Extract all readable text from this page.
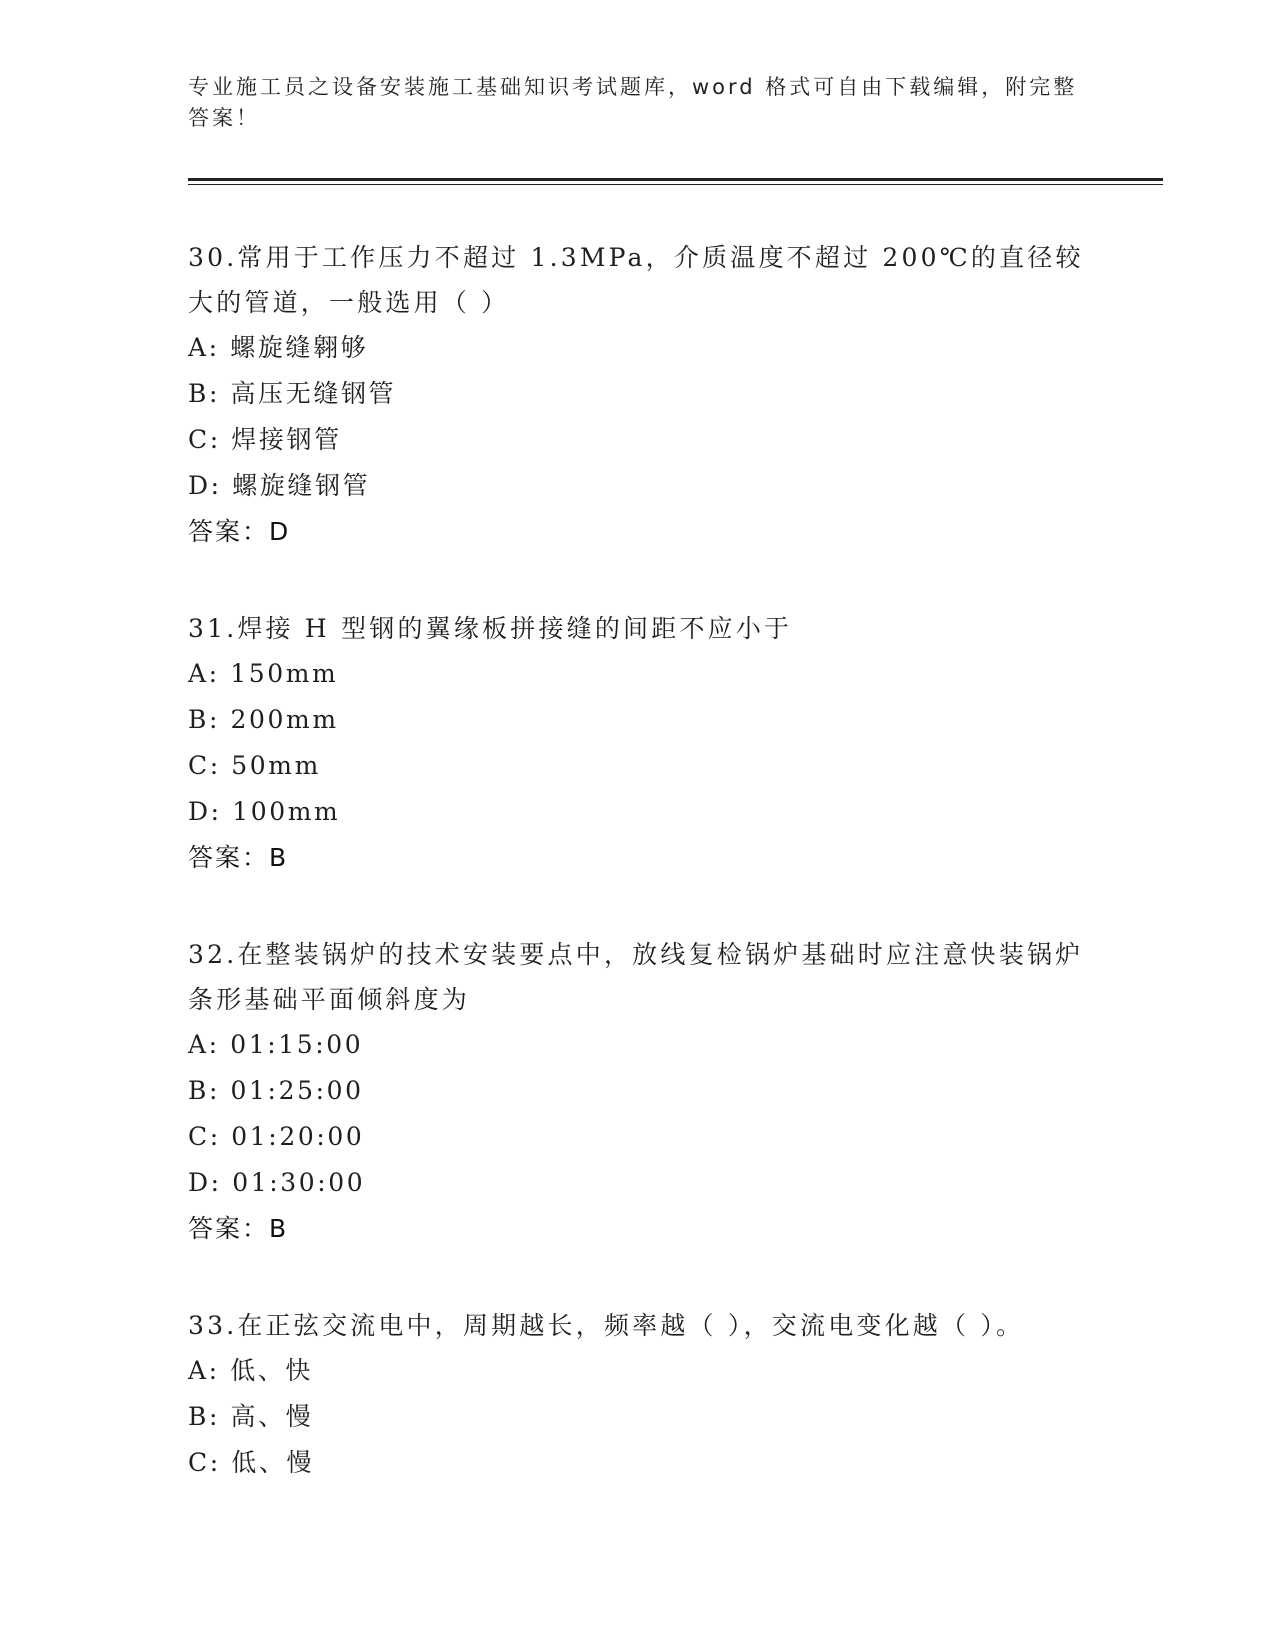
专业施工员之设备安装施工基础知识考试题库，word 格式可自由下载编辑，附完整答案！

30.常用于工作压力不超过 1.3MPa，介质温度不超过 200℃的直径较大的管道，一般选用（ ）

A: 螺旋缝翱够

B: 高压无缝钢管

C: 焊接钢管

D: 螺旋缝钢管

答案：D

31.焊接 H 型钢的翼缘板拼接缝的间距不应小于

A: 150mm

B: 200mm

C: 50mm

D: 100mm

答案：B

32.在整装锅炉的技术安装要点中，放线复检锅炉基础时应注意快装锅炉条形基础平面倾斜度为

A: 01:15:00

B: 01:25:00

C: 01:20:00

D: 01:30:00

答案：B

33.在正弦交流电中，周期越长，频率越（ ），交流电变化越（ ）。

A: 低、快

B: 高、慢

C: 低、慢
